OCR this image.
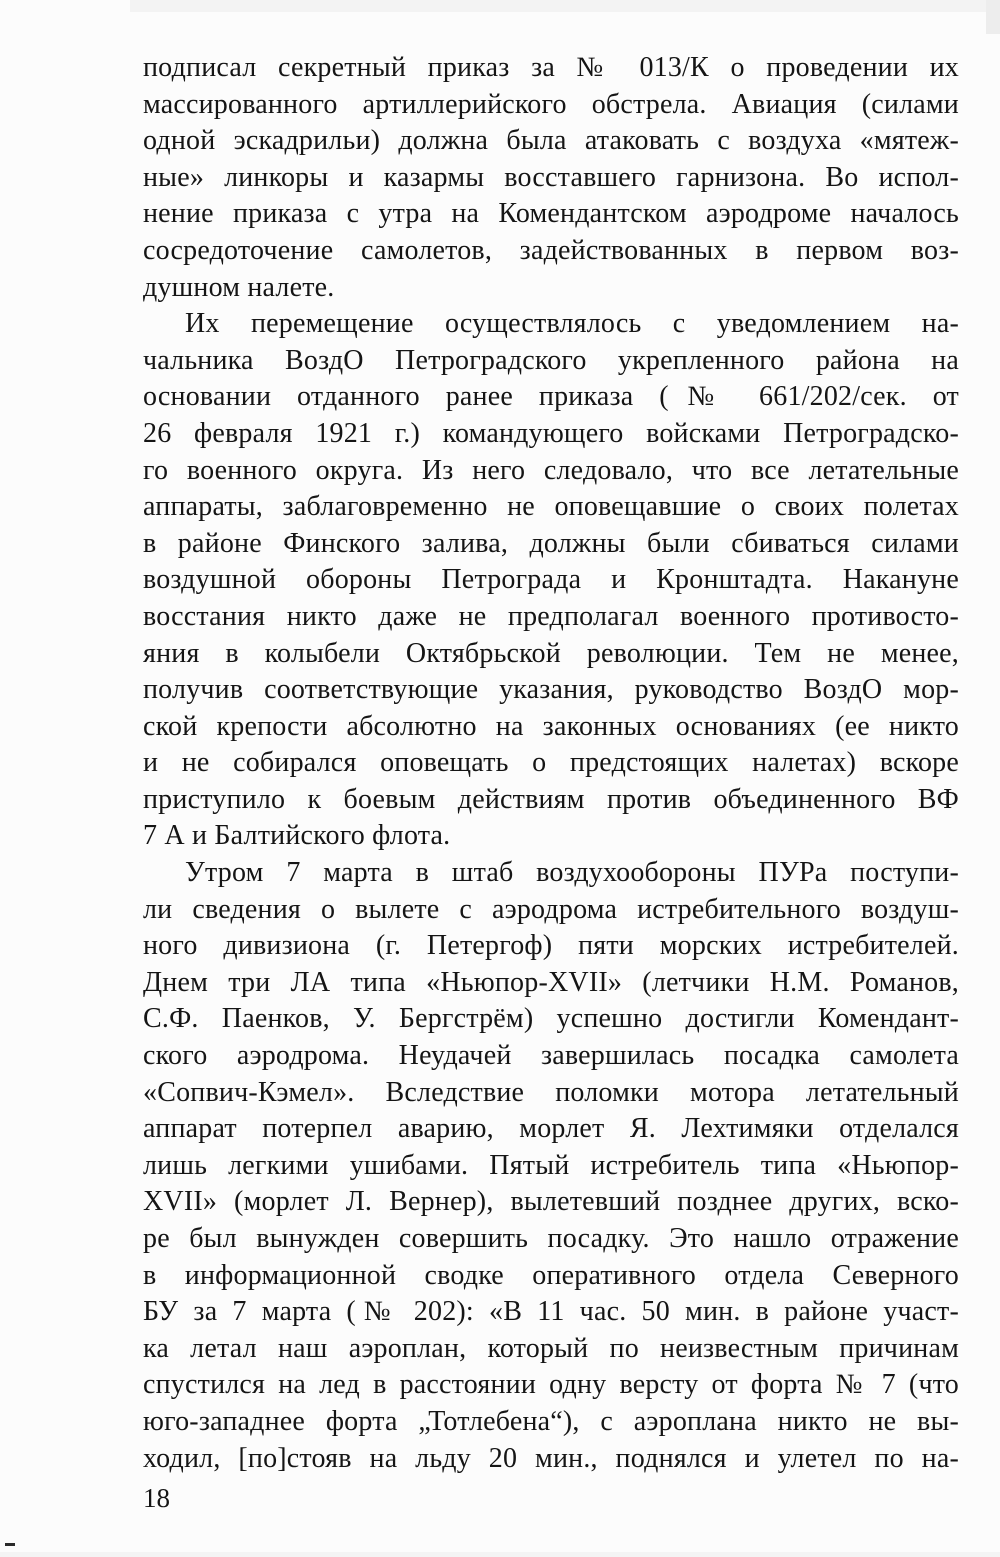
подписал секретный приказ за № 013/К о проведении их
массированного артиллерийского обстрела. Авиация (силами
одной эскадрильи) должна была атаковать с воздуха «мятеж-
ные» линкоры и казармы восставшего гарнизона. Во испол-
нение приказа с утра на Комендантском аэродроме началось
сосредоточение самолетов, задействованных в первом воз-
душном налете.
Их перемещение осуществлялось с уведомлением на-
чальника ВоздО Петроградского укрепленного района на
основании отданного ранее приказа (№ 661/202/сек. от
26 февраля 1921 г.) командующего войсками Петроградско-
го военного округа. Из него следовало, что все летательные
аппараты, заблаговременно не оповещавшие о своих полетах
в районе Финского залива, должны были сбиваться силами
воздушной обороны Петрограда и Кронштадта. Накануне
восстания никто даже не предполагал военного противосто-
яния в колыбели Октябрьской революции. Тем не менее,
получив соответствующие указания, руководство ВоздО мор-
ской крепости абсолютно на законных основаниях (ее никто
и не собирался оповещать о предстоящих налетах) вскоре
приступило к боевым действиям против объединенного ВФ
7 А и Балтийского флота.
Утром 7 марта в штаб воздухообороны ПУРа поступи-
ли сведения о вылете с аэродрома истребительного воздуш-
ного дивизиона (г. Петергоф) пяти морских истребителей.
Днем три ЛА типа «Ньюпор-XVII» (летчики Н.М. Романов,
С.Ф. Паенков, У. Бергстрём) успешно достигли Комендант-
ского аэродрома. Неудачей завершилась посадка самолета
«Сопвич-Кэмел». Вследствие поломки мотора летательный
аппарат потерпел аварию, морлет Я. Лехтимяки отделался
лишь легкими ушибами. Пятый истребитель типа «Ньюпор-
XVII» (морлет Л. Вернер), вылетевший позднее других, вско-
ре был вынужден совершить посадку. Это нашло отражение
в информационной сводке оперативного отдела Северного
БУ за 7 марта (№ 202): «В 11 час. 50 мин. в районе участ-
ка летал наш аэроплан, который по неизвестным причинам
спустился на лед в расстоянии одну версту от форта № 7 (что
юго-западнее форта „Тотлебена“), с аэроплана никто не вы-
ходил, [по]стояв на льду 20 мин., поднялся и улетел по на-
18
